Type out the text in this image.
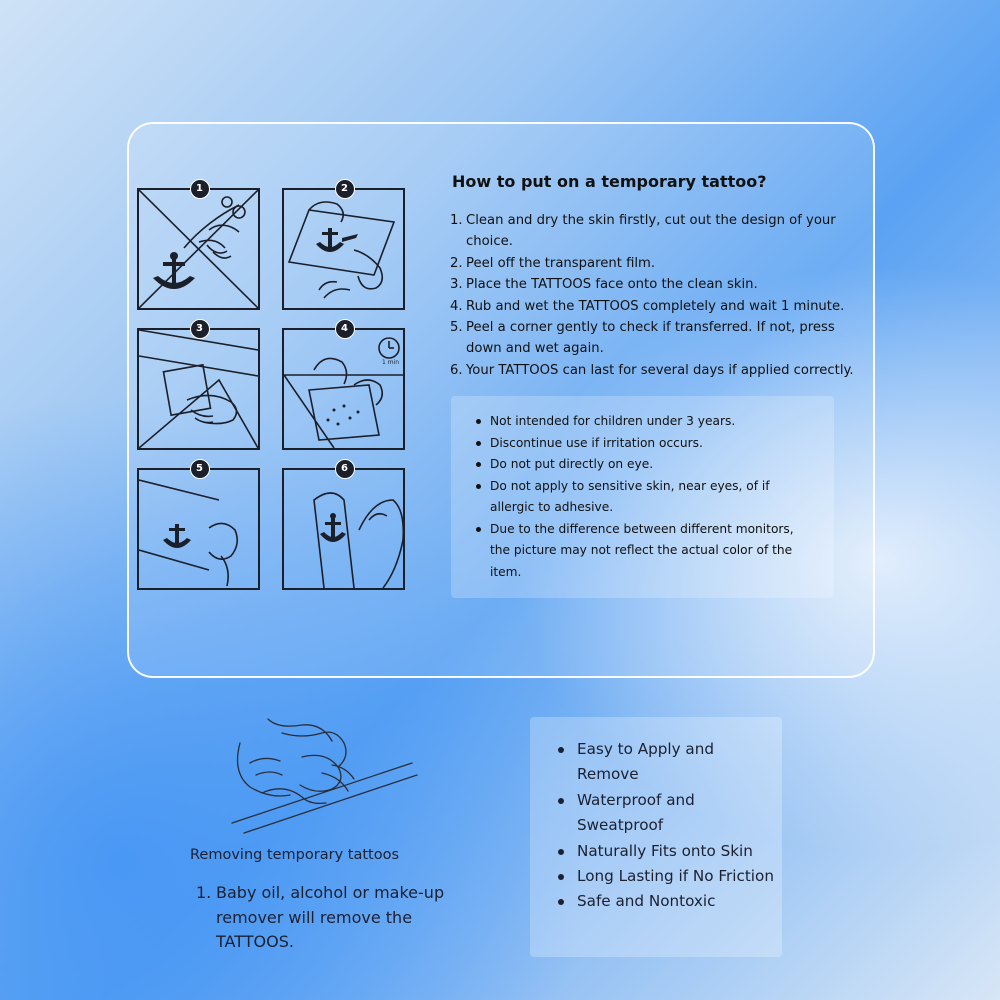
1	2
3	4
1 min
5	6
How to put on a temporary tattoo?
1. Clean and dry the skin firstly, cut out the design of your choice.
2. Peel off the transparent film.
3. Place the TATTOOS face onto the clean skin.
4. Rub and wet the TATTOOS completely and wait 1 minute.
5. Peel a corner gently to check if transferred. If not, press down and wet again.
6. Your TATTOOS can last for several days if applied correctly.
Not intended for children under 3 years.
Discontinue use if irritation occurs.
Do not put directly on eye.
Do not apply to sensitive skin, near eyes, of if allergic to adhesive.
Due to the difference between different monitors, the picture may not reflect the actual color of the item.
Removing temporary tattoos
1. Baby oil, alcohol or make-up remover will remove the TATTOOS.
Easy to Apply and Remove
Waterproof and Sweatproof
Naturally Fits onto Skin
Long Lasting if No Friction
Safe and Nontoxic
